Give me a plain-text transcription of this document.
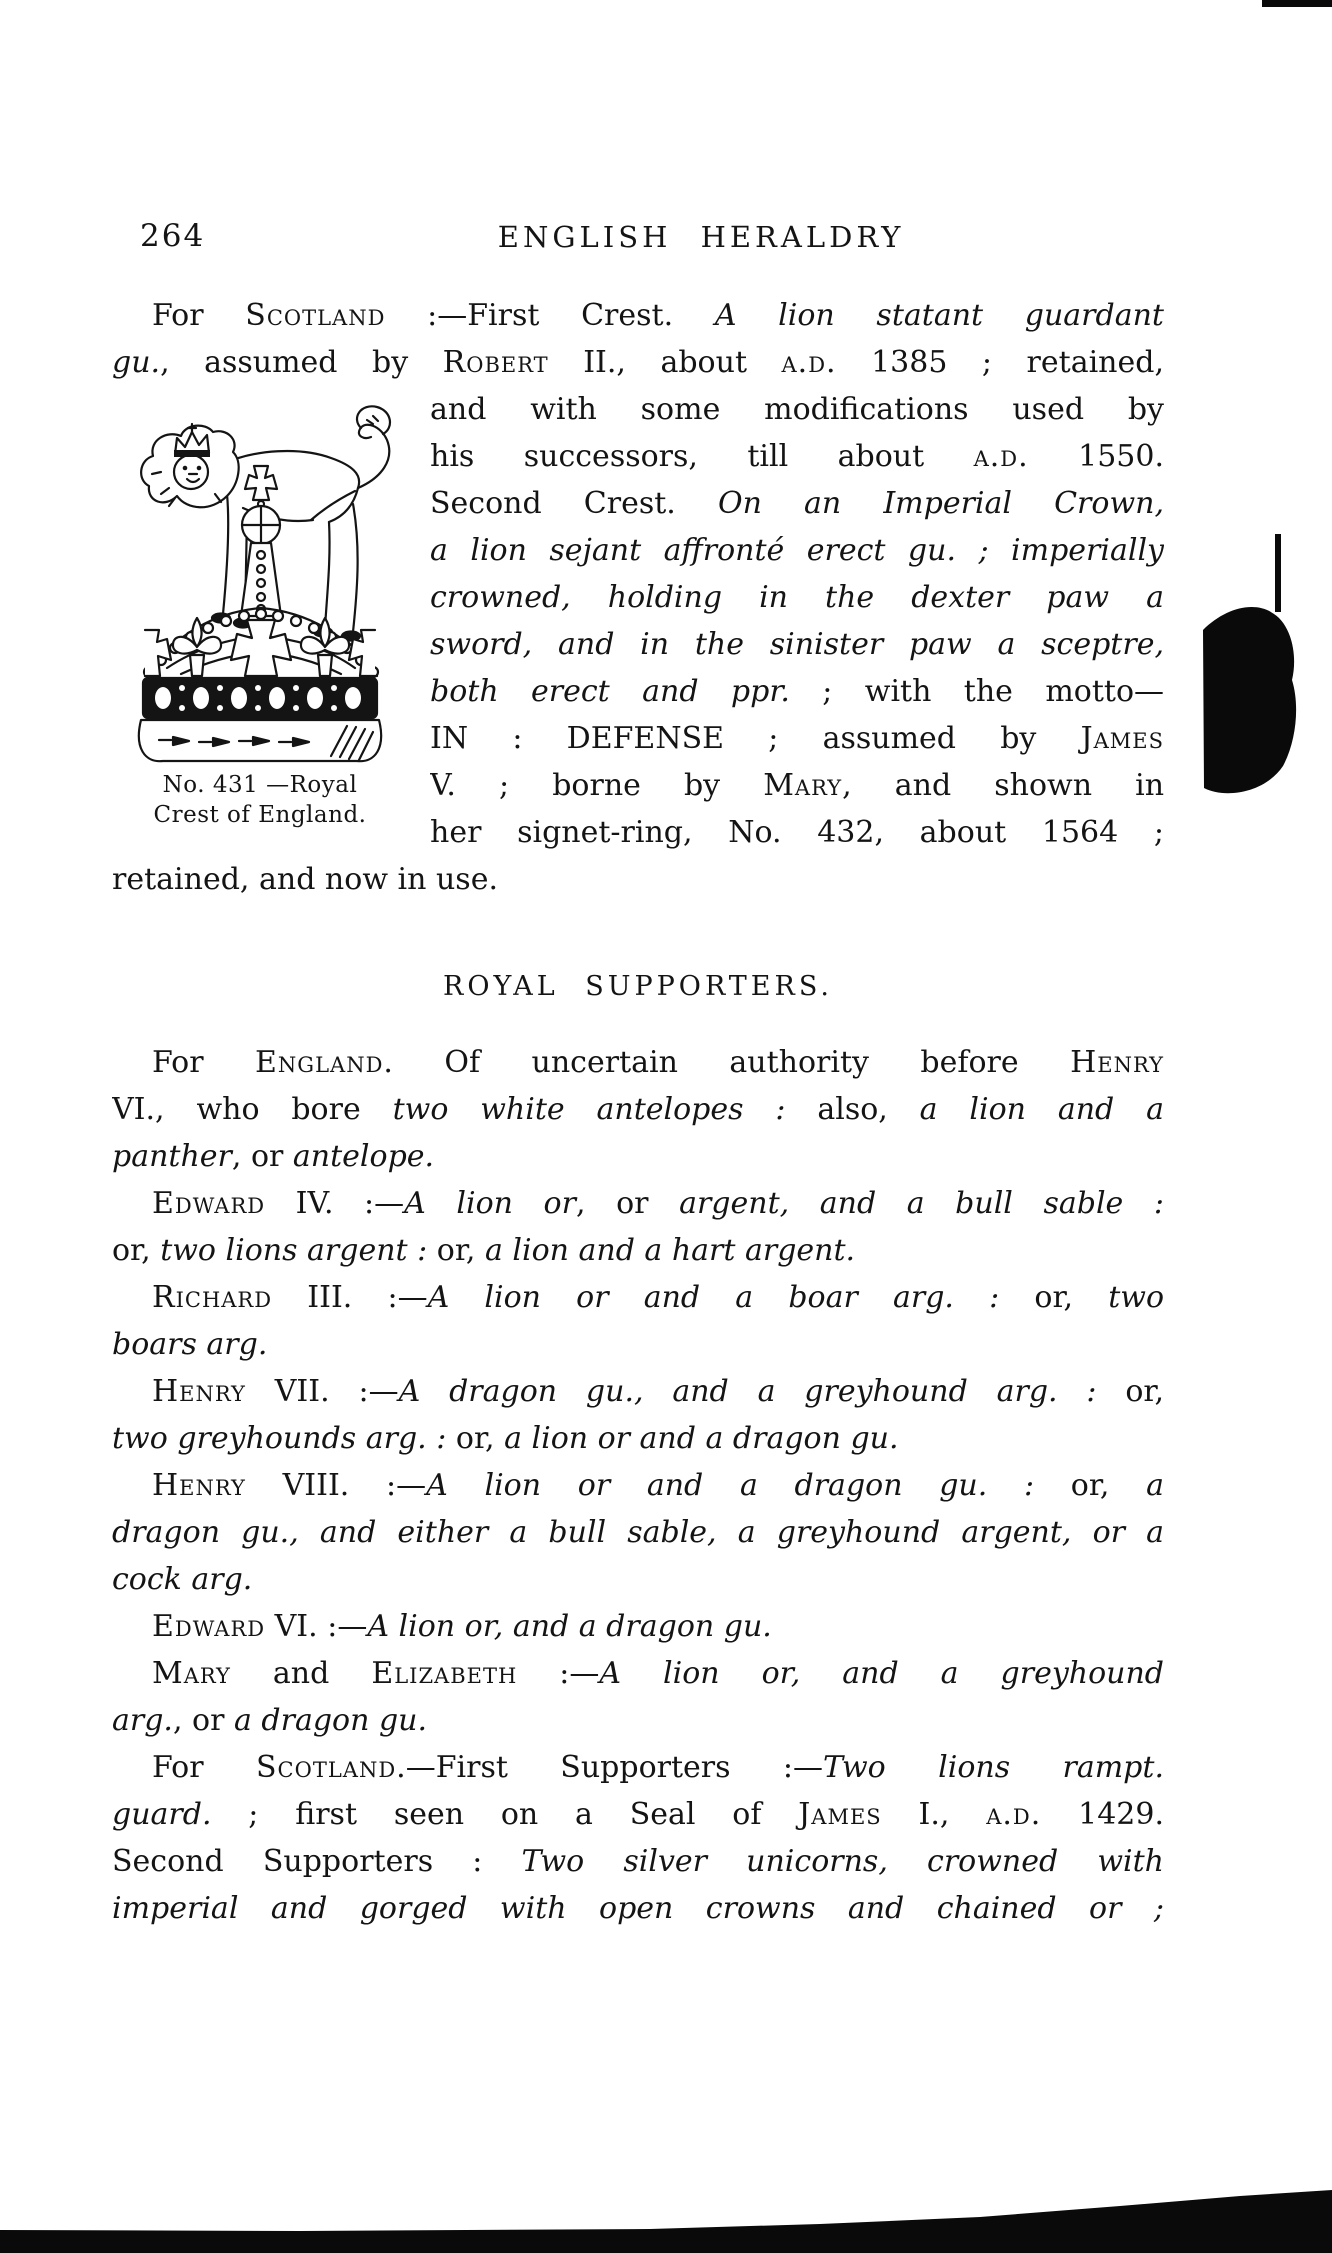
264	ENGLISH HERALDRY
For Scotland :—First Crest. A lion statant guardant
gu., assumed by Robert II., about a.d. 1385 ; retained,
and with some modifications used by
his successors, till about a.d. 1550.
Second Crest. On an Imperial Crown,
a lion sejant affronté erect gu. ; imperially
crowned, holding in the dexter paw a
sword, and in the sinister paw a sceptre,
both erect and ppr. ; with the motto—
IN : DEFENSE ; assumed by James
V. ; borne by Mary, and shown in
her signet-ring, No. 432, about 1564 ;
retained, and now in use.
No. 431 —Royal
Crest of England.
ROYAL SUPPORTERS.
For England. Of uncertain authority before Henry
VI., who bore two white antelopes : also, a lion and a
panther, or antelope.
Edward IV. :—A lion or, or argent, and a bull sable :
or, two lions argent : or, a lion and a hart argent.
Richard III. :—A lion or and a boar arg. : or, two
boars arg.
Henry VII. :—A dragon gu., and a greyhound arg. : or,
two greyhounds arg. : or, a lion or and a dragon gu.
Henry VIII. :—A lion or and a dragon gu. : or, a
dragon gu., and either a bull sable, a greyhound argent, or a
cock arg.
Edward VI. :—A lion or, and a dragon gu.
Mary and Elizabeth :—A lion or, and a greyhound
arg., or a dragon gu.
For Scotland.—First Supporters :—Two lions rampt.
guard. ; first seen on a Seal of James I., a.d. 1429.
Second Supporters : Two silver unicorns, crowned with
imperial and gorged with open crowns and chained or ;
